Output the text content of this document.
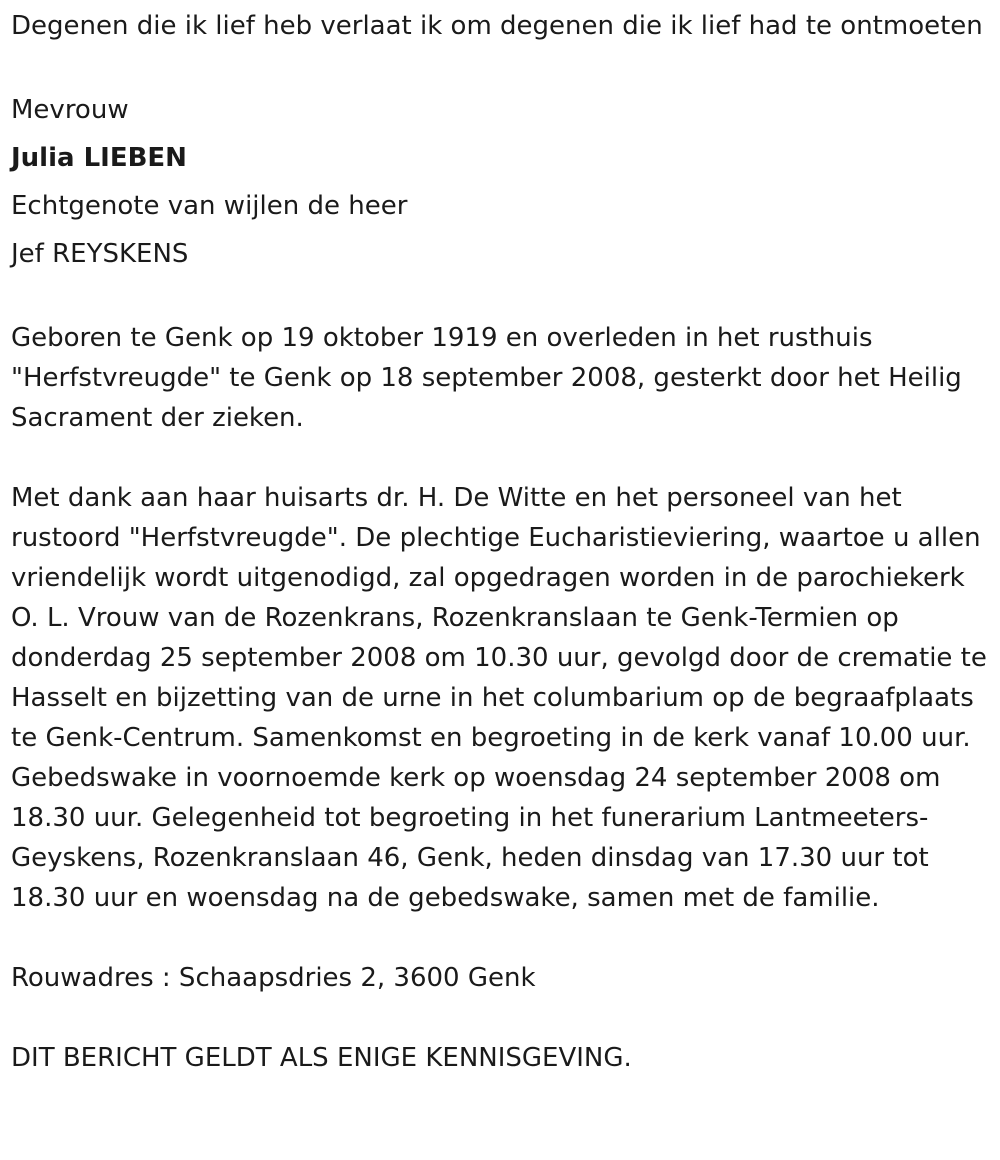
Degenen die ik lief heb verlaat ik om degenen die ik lief had te ontmoeten

Mevrouw
Julia LIEBEN
Echtgenote van wijlen de heer
Jef REYSKENS

Geboren te Genk op 19 oktober 1919 en overleden in het rusthuis "Herfstvreugde" te Genk op 18 september 2008, gesterkt door het Heilig Sacrament der zieken.

Met dank aan haar huisarts dr. H. De Witte en het personeel van het rustoord "Herfstvreugde". De plechtige Eucharistieviering, waartoe u allen vriendelijk wordt uitgenodigd, zal opgedragen worden in de parochiekerk O. L. Vrouw van de Rozenkrans, Rozenkranslaan te Genk-Termien op donderdag 25 september 2008 om 10.30 uur, gevolgd door de crematie te Hasselt en bijzetting van de urne in het columbarium op de begraafplaats te Genk-Centrum. Samenkomst en begroeting in de kerk vanaf 10.00 uur. Gebedswake in voornoemde kerk op woensdag 24 september 2008 om 18.30 uur. Gelegenheid tot begroeting in het funerarium Lantmeeters-Geyskens, Rozenkranslaan 46, Genk, heden dinsdag van 17.30 uur tot 18.30 uur en woensdag na de gebedswake, samen met de familie.

Rouwadres : Schaapsdries 2, 3600 Genk

DIT BERICHT GELDT ALS ENIGE KENNISGEVING.
